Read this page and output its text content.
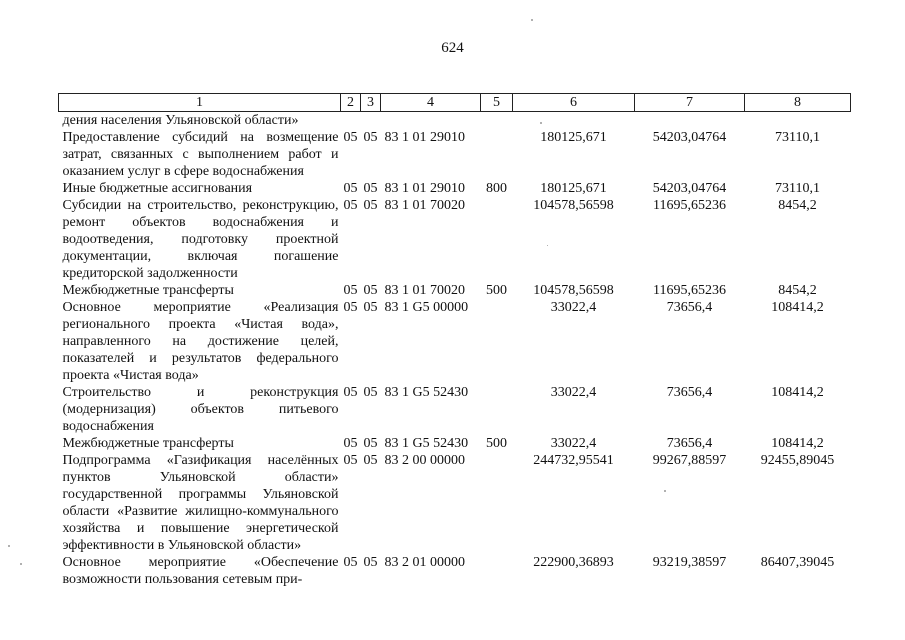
624
1	2	3	4	5	6	7	8
дения населения Ульяновской области»							
Предоставление субсидий на возмещение затрат, связанных с выполнением работ и оказанием услуг в сфере водоснабжения	05	05	83 1 01 29010		180125,671	54203,04764	73110,1
Иные бюджетные ассигнования	05	05	83 1 01 29010	800	180125,671	54203,04764	73110,1
Субсидии на строительство, реконструкцию, ремонт объектов водоснабжения и водоотведения, подготовку проектной документации, включая погашение кредиторской задолженности	05	05	83 1 01 70020		104578,56598	11695,65236	8454,2
Межбюджетные трансферты	05	05	83 1 01 70020	500	104578,56598	11695,65236	8454,2
Основное мероприятие «Реализация регионального проекта «Чистая вода», направленного на достижение целей, показателей и результатов федерального проекта «Чистая вода»	05	05	83 1 G5 00000		33022,4	73656,4	108414,2
Строительство и реконструкция (модернизация) объектов питьевого водоснабжения	05	05	83 1 G5 52430		33022,4	73656,4	108414,2
Межбюджетные трансферты	05	05	83 1 G5 52430	500	33022,4	73656,4	108414,2
Подпрограмма «Газификация населённых пунктов Ульяновской области» государственной программы Ульяновской области «Развитие жилищно-коммунального хозяйства и повышение энергетической эффективности в Ульяновской области»	05	05	83 2 00 00000		244732,95541	99267,88597	92455,89045
Основное мероприятие «Обеспечение возможности пользования сетевым при-	05	05	83 2 01 00000		222900,36893	93219,38597	86407,39045
